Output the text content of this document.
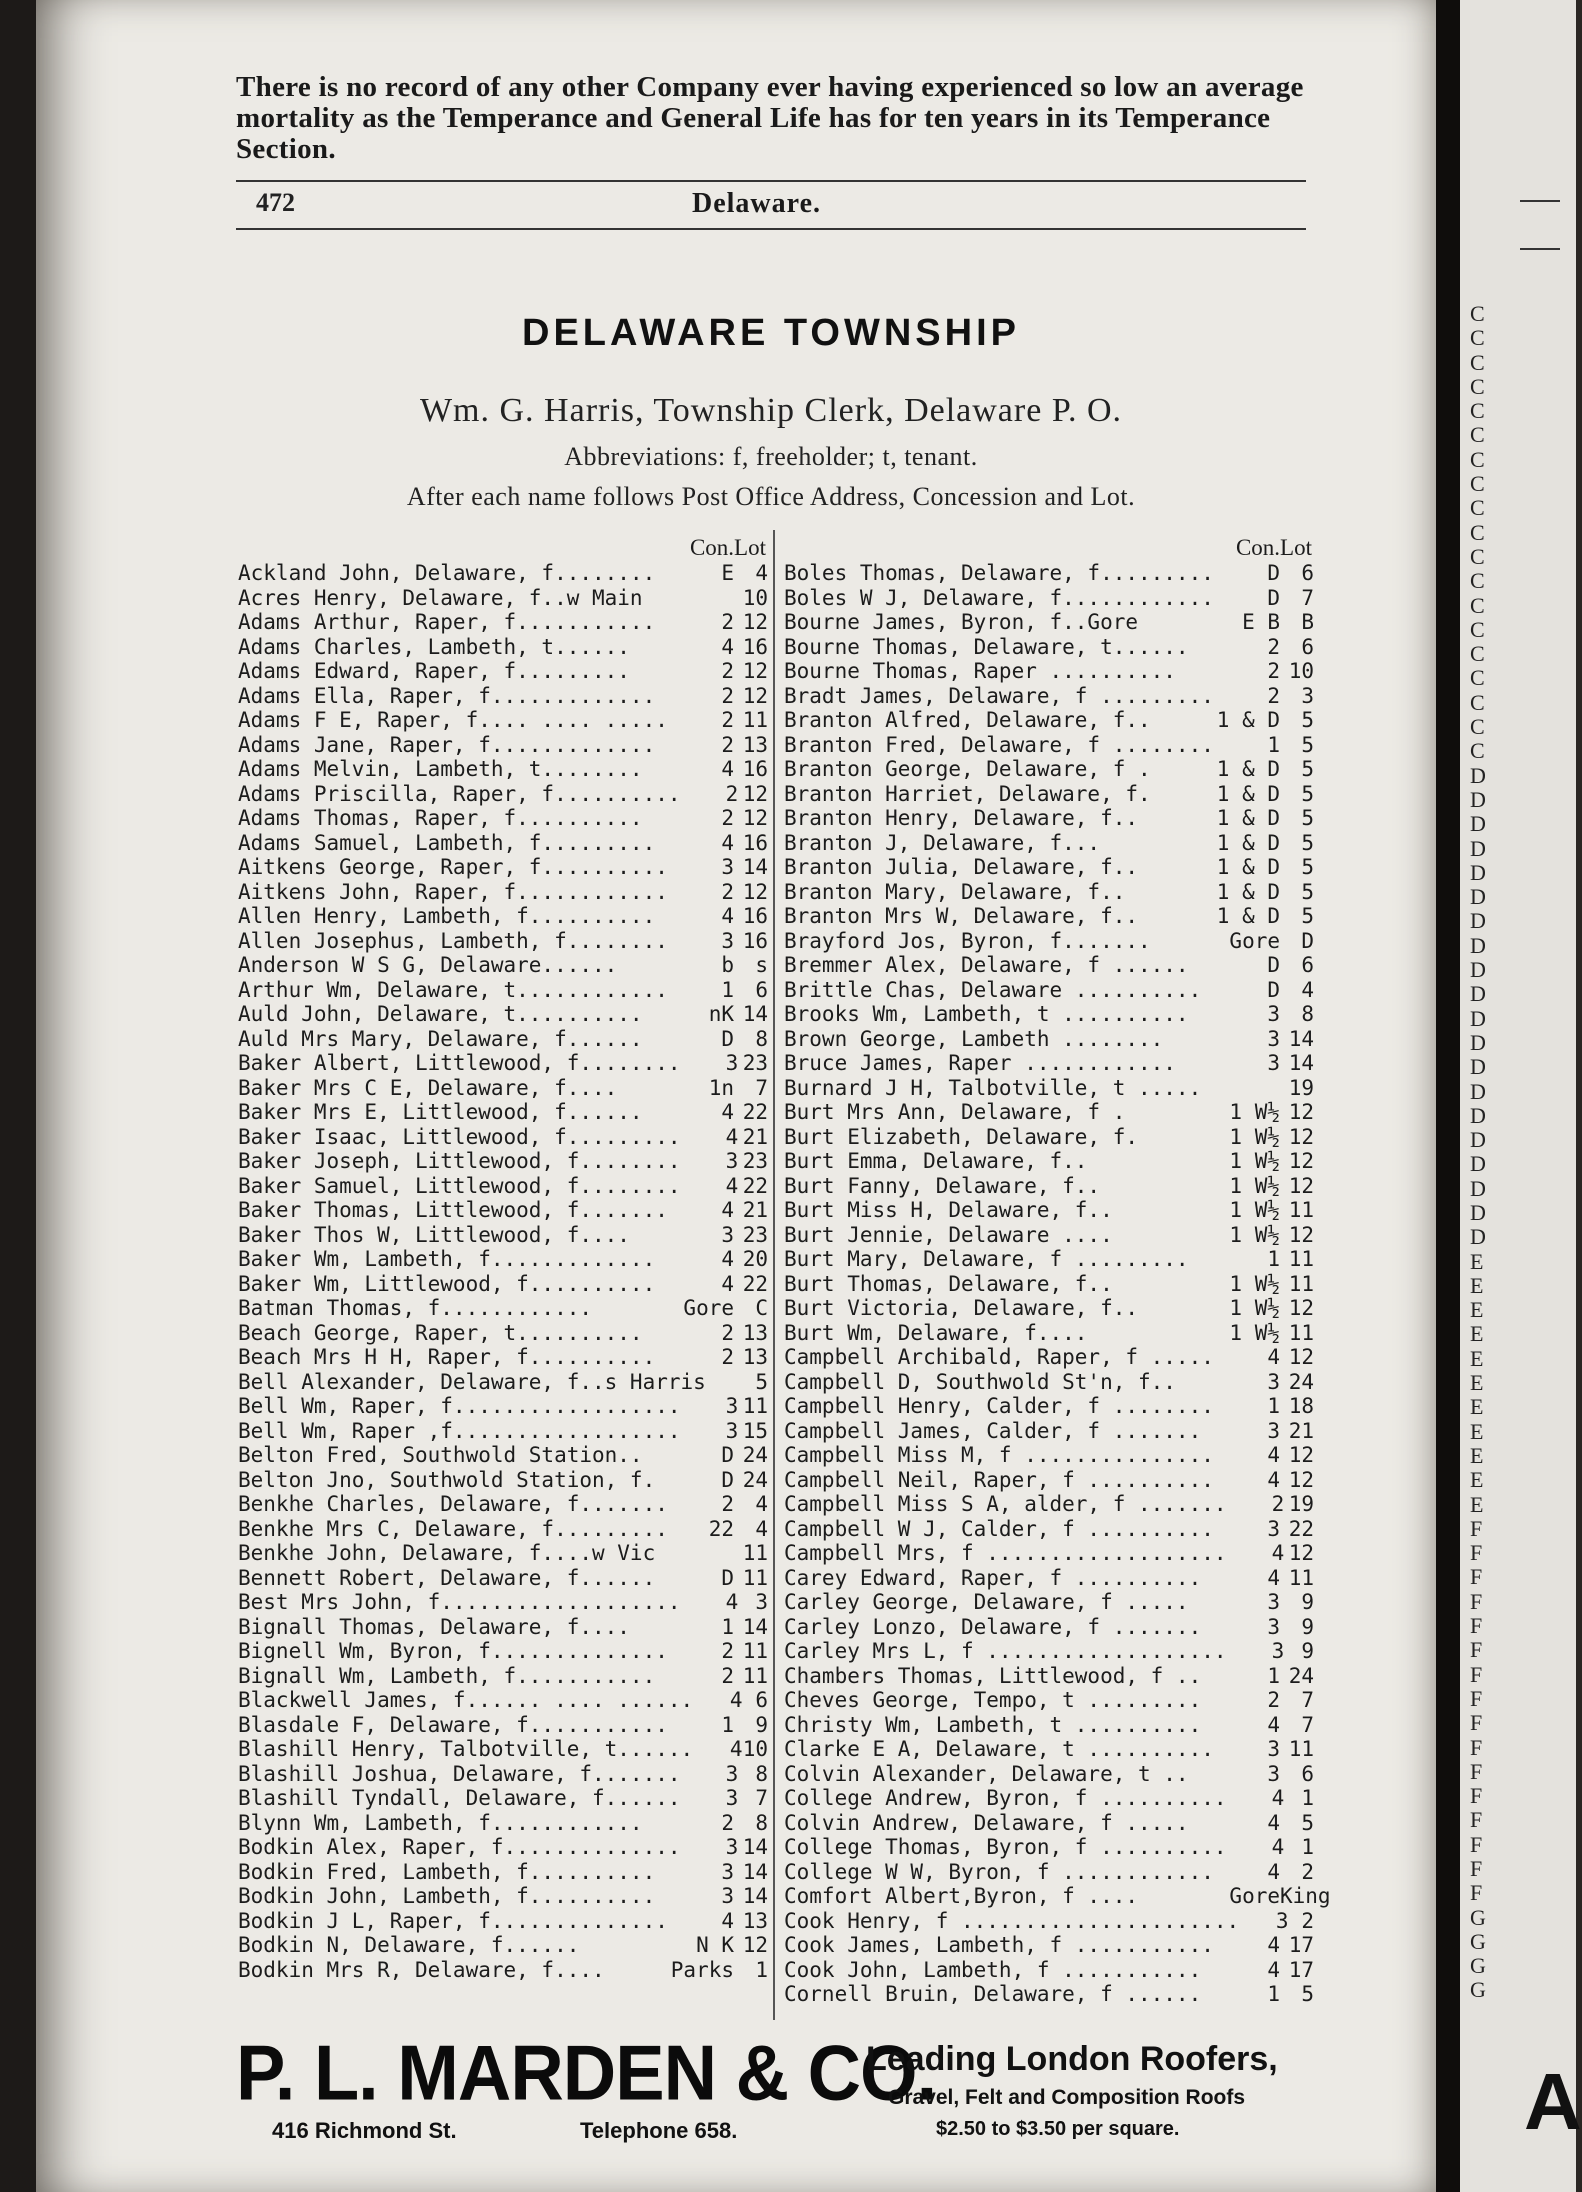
C
C
C
C
C
C
C
C
C
C
C
C
C
C
C
C
C
C
C
D
D
D
D
D
D
D
D
D
D
D
D
D
D
D
D
D
D
D
D
E
E
E
E
E
E
E
E
E
E
E
F
F
F
F
F
F
F
F
F
F
F
F
F
F
F
F
G
G
G
G
A
There is no record of any other Company ever having experienced so low an average mortality as the Temperance and General Life has for ten years in its Temperance Section.
472	Delaware.
DELAWARE TOWNSHIP
Wm. G. Harris, Township Clerk, Delaware P. O.
Abbreviations: f, freeholder; t, tenant.
After each name follows Post Office Address, Concession and Lot.
Con.Lot
Ackland John, Delaware, f........	E	4
Acres Henry, Delaware, f..w Main	10
Adams Arthur, Raper, f...........	2 12
Adams Charles, Lambeth, t......	4 16
Adams Edward, Raper, f.........	2 12
Adams Ella, Raper, f.............	2 12
Adams F E, Raper, f.... .... .....	2 11
Adams Jane, Raper, f.............	2 13
Adams Melvin, Lambeth, t........	4 16
Adams Priscilla, Raper, f..........	2 12
Adams Thomas, Raper, f..........	2 12
Adams Samuel, Lambeth, f.........	4 16
Aitkens George, Raper, f..........	3 14
Aitkens John, Raper, f............	2 12
Allen Henry, Lambeth, f..........	4 16
Allen Josephus, Lambeth, f........	3 16
Anderson W S G, Delaware......	b	s
Arthur Wm, Delaware, t............	1	6
Auld John, Delaware, t..........	nK 14
Auld Mrs Mary, Delaware, f......	D	8
Baker Albert, Littlewood, f........	3 23
Baker Mrs C E, Delaware, f....	1n	7
Baker Mrs E, Littlewood, f......	4 22
Baker Isaac, Littlewood, f.........	4 21
Baker Joseph, Littlewood, f........	3 23
Baker Samuel, Littlewood, f........	4 22
Baker Thomas, Littlewood, f.......	4 21
Baker Thos W, Littlewood, f....	3 23
Baker Wm, Lambeth, f.............	4 20
Baker Wm, Littlewood, f..........	4 22
Batman Thomas, f............	Gore	C
Beach George, Raper, t..........	2 13
Beach Mrs H H, Raper, f..........	2 13
Bell Alexander, Delaware, f..s Harris	5
Bell Wm, Raper, f..................	3 11
Bell Wm, Raper ,f..................	3 15
Belton Fred, Southwold Station..	D 24
Belton Jno, Southwold Station, f.	D 24
Benkhe Charles, Delaware, f.......	2	4
Benkhe Mrs C, Delaware, f.........	22	4
Benkhe John, Delaware, f....w Vic	11
Bennett Robert, Delaware, f......	D 11
Best Mrs John, f...................	4 3
Bignall Thomas, Delaware, f....	1 14
Bignell Wm, Byron, f..............	2 11
Bignall Wm, Lambeth, f...........	2 11
Blackwell James, f...... .... ......	4 6
Blasdale F, Delaware, f...........	1	9
Blashill Henry, Talbotville, t......	4 10
Blashill Joshua, Delaware, f.......	3 8
Blashill Tyndall, Delaware, f......	3 7
Blynn Wm, Lambeth, f............	2	8
Bodkin Alex, Raper, f..............	3 14
Bodkin Fred, Lambeth, f..........	3 14
Bodkin John, Lambeth, f..........	3 14
Bodkin J L, Raper, f..............	4 13
Bodkin N, Delaware, f......	N K 12
Bodkin Mrs R, Delaware, f....	Parks	1
Con.Lot
Boles Thomas, Delaware, f.........	D	6
Boles W J, Delaware, f............	D	7
Bourne James, Byron, f..Gore	E B	B
Bourne Thomas, Delaware, t......	2	6
Bourne Thomas, Raper ..........	2 10
Bradt James, Delaware, f .........	2	3
Branton Alfred, Delaware, f..	1 & D	5
Branton Fred, Delaware, f ........	1	5
Branton George, Delaware, f .	1 & D	5
Branton Harriet, Delaware, f.	1 & D	5
Branton Henry, Delaware, f..	1 & D	5
Branton J, Delaware, f...	1 & D	5
Branton Julia, Delaware, f..	1 & D	5
Branton Mary, Delaware, f..	1 & D	5
Branton Mrs W, Delaware, f..	1 & D	5
Brayford Jos, Byron, f.......	Gore	D
Bremmer Alex, Delaware, f ......	D	6
Brittle Chas, Delaware ..........	D	4
Brooks Wm, Lambeth, t ..........	3	8
Brown George, Lambeth ........	3 14
Bruce James, Raper ............	3 14
Burnard J H, Talbotville, t .....	19
Burt Mrs Ann, Delaware, f .	1 W½ 12
Burt Elizabeth, Delaware, f.	1 W½ 12
Burt Emma, Delaware, f..	1 W½ 12
Burt Fanny, Delaware, f..	1 W½ 12
Burt Miss H, Delaware, f..	1 W½ 11
Burt Jennie, Delaware ....	1 W½ 12
Burt Mary, Delaware, f .........	1 11
Burt Thomas, Delaware, f..	1 W½ 11
Burt Victoria, Delaware, f..	1 W½ 12
Burt Wm, Delaware, f....	1 W½ 11
Campbell Archibald, Raper, f .....	4 12
Campbell D, Southwold St'n, f..	3 24
Campbell Henry, Calder, f ........	1 18
Campbell James, Calder, f .......	3 21
Campbell Miss M, f ...............	4 12
Campbell Neil, Raper, f ..........	4 12
Campbell Miss S A, alder, f .......	2 19
Campbell W J, Calder, f ..........	3 22
Campbell Mrs, f ...................	4 12
Carey Edward, Raper, f ..........	4 11
Carley George, Delaware, f .....	3	9
Carley Lonzo, Delaware, f .......	3	9
Carley Mrs L, f ...................	3 9
Chambers Thomas, Littlewood, f ..	1 24
Cheves George, Tempo, t .........	2	7
Christy Wm, Lambeth, t ..........	4	7
Clarke E A, Delaware, t ..........	3 11
Colvin Alexander, Delaware, t ..	3	6
College Andrew, Byron, f ..........	4 1
Colvin Andrew, Delaware, f .....	4	5
College Thomas, Byron, f ..........	4 1
College W W, Byron, f ............	4	2
Comfort Albert,Byron, f ....	Gore King
Cook Henry, f ......................	3 2
Cook James, Lambeth, f ...........	4 17
Cook John, Lambeth, f ...........	4 17
Cornell Bruin, Delaware, f ......	1	5
P. L. MARDEN & CO.
416 Richmond St.	Telephone 658.
Leading London Roofers,
Gravel, Felt and Composition Roofs
$2.50 to $3.50 per square.
